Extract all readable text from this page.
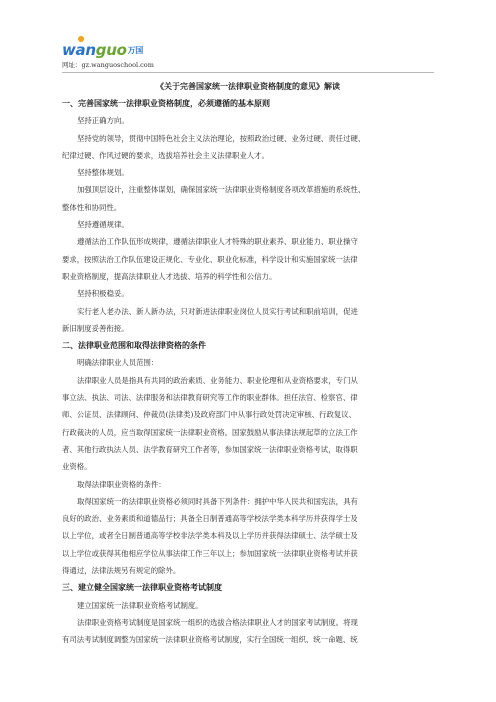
wanguo万国
网址：gz.wanguoschool.com

《关于完善国家统一法律职业资格制度的意见》解读

一、完善国家统一法律职业资格制度，必须遵循的基本原则

坚持正确方向。
坚持党的领导，贯彻中国特色社会主义法治理论，按照政治过硬、业务过硬、责任过硬、
纪律过硬、作风过硬的要求，选拔培养社会主义法律职业人才。
坚持整体规划。
加强顶层设计，注重整体谋划，确保国家统一法律职业资格制度各项改革措施的系统性、
整体性和协同性。
坚持遵循规律。
遵循法治工作队伍形成规律，遵循法律职业人才特殊的职业素养、职业能力、职业操守
要求，按照法治工作队伍建设正规化、专业化、职业化标准，科学设计和实施国家统一法律
职业资格制度，提高法律职业人才选拔、培养的科学性和公信力。
坚持积极稳妥。
实行老人老办法、新人新办法，只对新进法律职业岗位人员实行考试和职前培训，促进
新旧制度妥善衔接。

二、法律职业范围和取得法律资格的条件

明确法律职业人员范围：
法律职业人员是指具有共同的政治素质、业务能力、职业伦理和从业资格要求，专门从
事立法、执法、司法、法律服务和法律教育研究等工作的职业群体。担任法官、检察官、律
师、公证员、法律顾问、仲裁员(法律类)及政府部门中从事行政处罚决定审核、行政复议、
行政裁决的人员，应当取得国家统一法律职业资格。国家鼓励从事法律法规起草的立法工作
者、其他行政执法人员、法学教育研究工作者等，参加国家统一法律职业资格考试，取得职
业资格。
取得法律职业资格的条件：
取得国家统一的法律职业资格必须同时具备下列条件：拥护中华人民共和国宪法，具有
良好的政治、业务素质和道德品行；具备全日制普通高等学校法学类本科学历并获得学士及
以上学位，或者全日制普通高等学校非法学类本科及以上学历并获得法律硕士、法学硕士及
以上学位或获得其他相应学位从事法律工作三年以上；参加国家统一法律职业资格考试并获
得通过，法律法规另有规定的除外。

三、建立健全国家统一法律职业资格考试制度

建立国家统一法律职业资格考试制度。
法律职业资格考试制度是国家统一组织的选拔合格法律职业人才的国家考试制度。将现
有司法考试制度调整为国家统一法律职业资格考试制度，实行全国统一组织、统一命题、统
